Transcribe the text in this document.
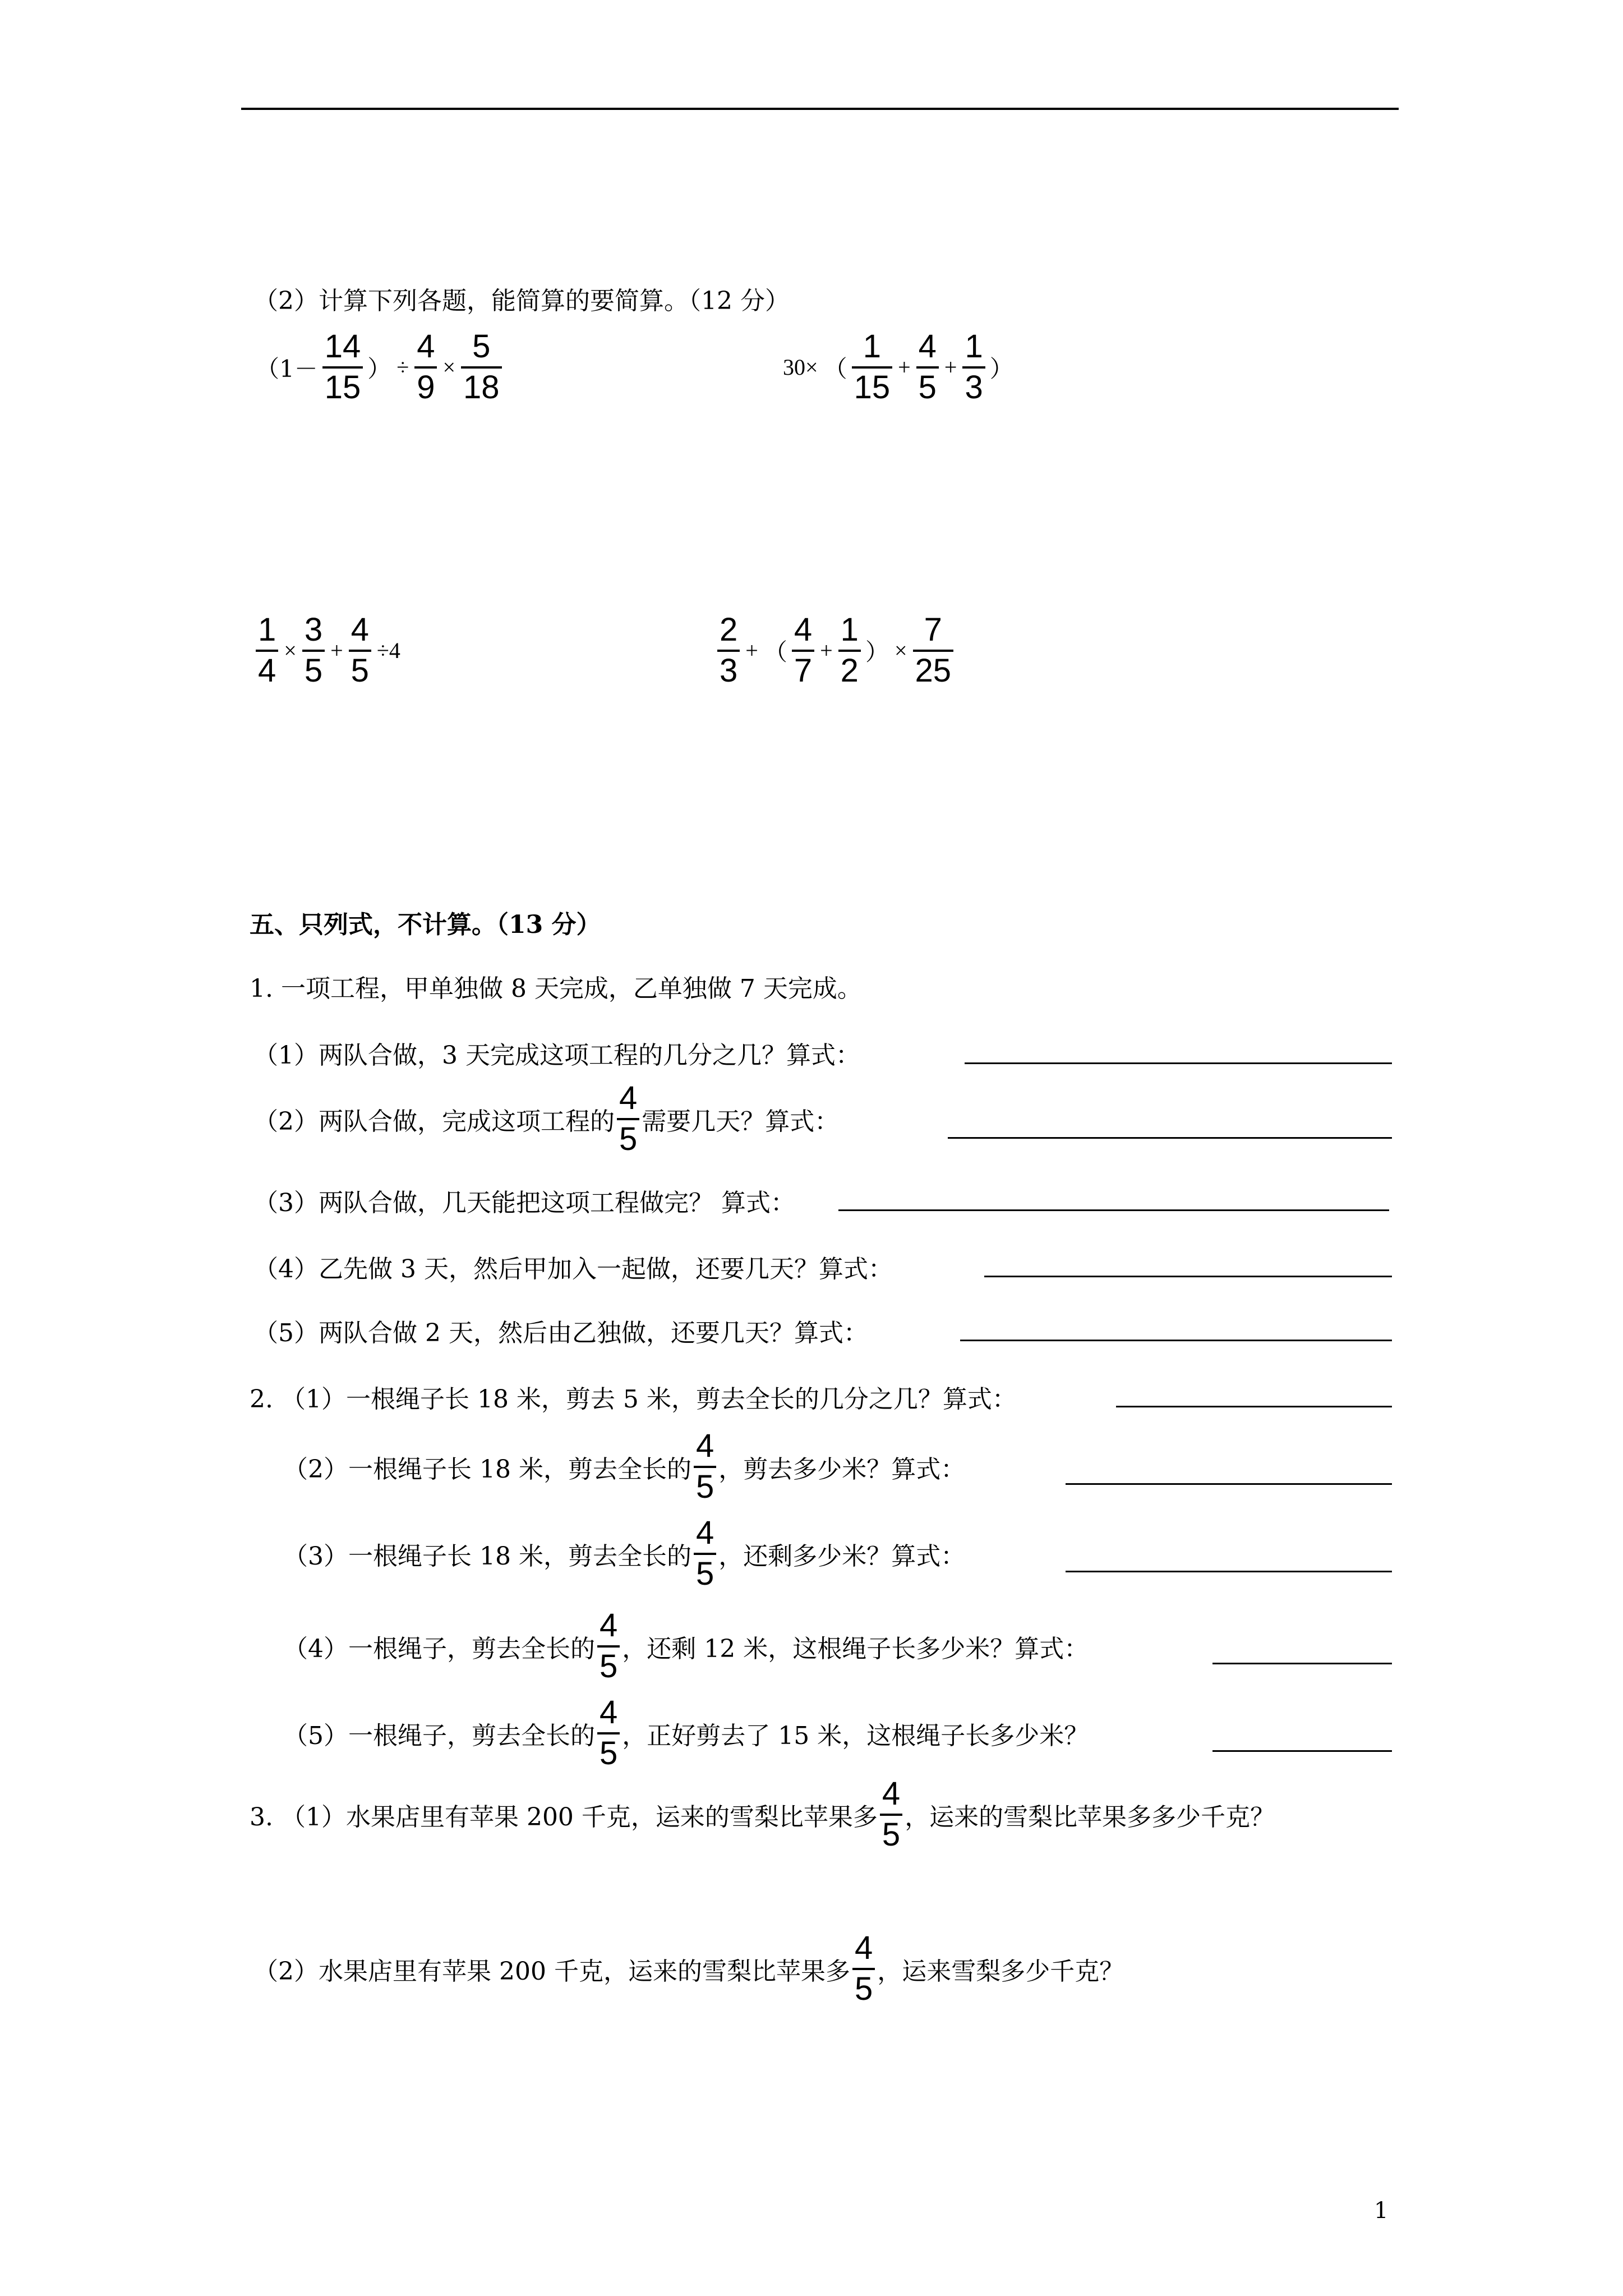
（2）计算下列各题，能简算的要简算。（12 分）
（$1- \frac{14}{15}$ ） ÷ $\frac{4}{9} \times \frac{5}{18}$	30× （ $\frac{1}{15} + \frac{4}{5} + \frac{1}{3}$ ）
$\frac{1}{4} \times \frac{3}{5} + \frac{4}{5} \div 4$	$\frac{2}{3}$ + （ $\frac{4}{7} + \frac{1}{2}$ ） × $\frac{7}{25}$
五、只列式，不计算。（13 分）
1. 一项工程，甲单独做 8 天完成，乙单独做 7 天完成。
（1）两队合做，3 天完成这项工程的几分之几？算式：
（2）两队合做，完成这项工程的 $\frac{4}{5}$ 需要几天？算式：
（3）两队合做，几天能把这项工程做完？ 算式：
（4）乙先做 3 天，然后甲加入一起做，还要几天？算式：
（5）两队合做 2 天，然后由乙独做，还要几天？算式：
2. （1）一根绳子长 18 米，剪去 5 米，剪去全长的几分之几？算式：
（2）一根绳子长 18 米，剪去全长的 $\frac{4}{5}$ ，剪去多少米？算式：
（3）一根绳子长 18 米，剪去全长的 $\frac{4}{5}$ ，还剩多少米？算式：
（4）一根绳子，剪去全长的 $\frac{4}{5}$ ，还剩 12 米，这根绳子长多少米？算式：
（5）一根绳子，剪去全长的 $\frac{4}{5}$ ，正好剪去了 15 米，这根绳子长多少米？
3. （1）水果店里有苹果 200 千克，运来的雪梨比苹果多 $\frac{4}{5}$ ，运来的雪梨比苹果多多少千克？
（2）水果店里有苹果 200 千克，运来的雪梨比苹果多 $\frac{4}{5}$ ，运来雪梨多少千克？
1
